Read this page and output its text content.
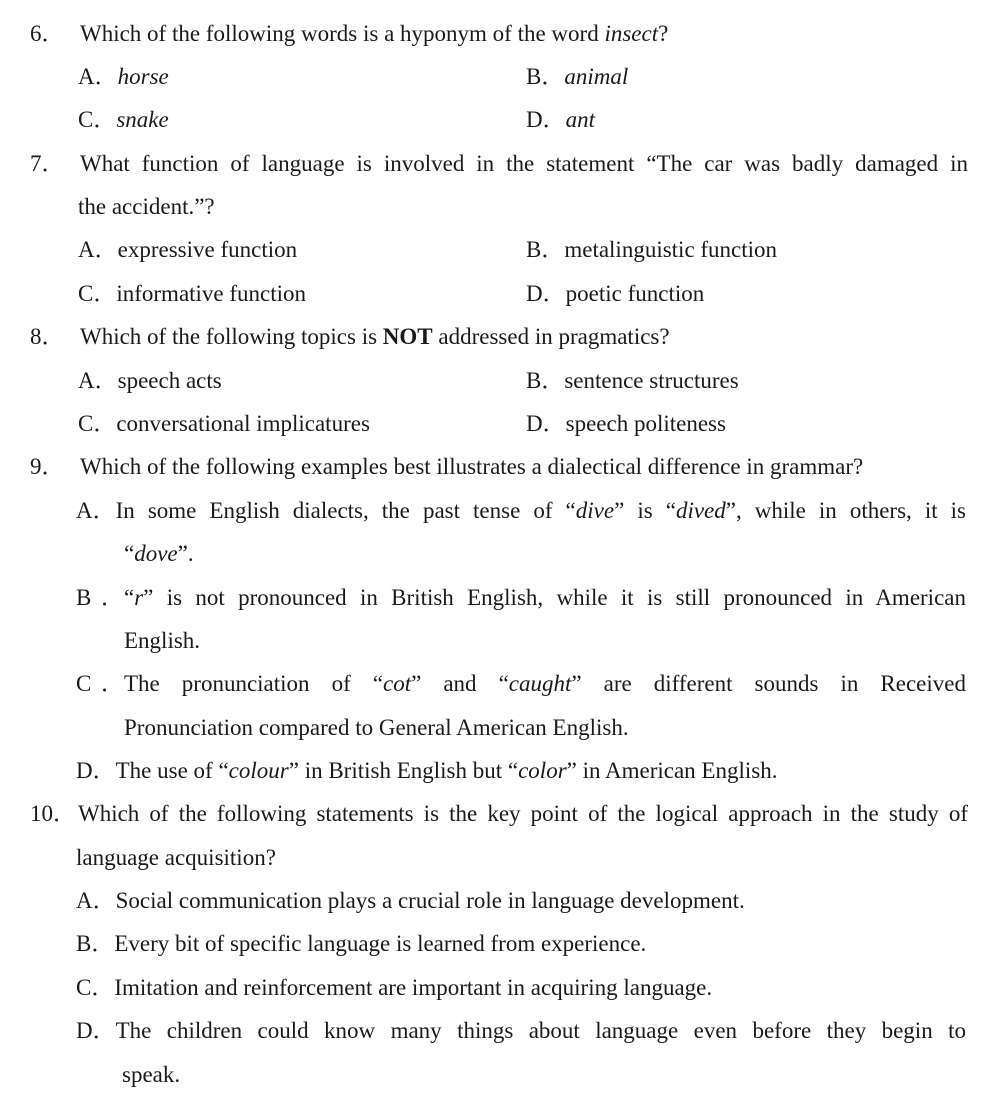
6． Which of the following words is a hyponym of the word insect?
A．horse	B．animal
C．snake	D．ant
7． What function of language is involved in the statement “The car was badly damaged in
the accident.”?
A．expressive function	B．metalinguistic function
C．informative function	D．poetic function
8． Which of the following topics is NOT addressed in pragmatics?
A．speech acts	B．sentence structures
C．conversational implicatures	D．speech politeness
9． Which of the following examples best illustrates a dialectical difference in grammar?
A．In some English dialects, the past tense of “dive” is “dived”, while in others, it is
“dove”.
B．“r” is not pronounced in British English, while it is still pronounced in American
English.
C．The pronunciation of “cot” and “caught” are different sounds in Received
Pronunciation compared to General American English.
D．The use of “colour” in British English but “color” in American English.
10． Which of the following statements is the key point of the logical approach in the study of
language acquisition?
A．Social communication plays a crucial role in language development.
B．Every bit of specific language is learned from experience.
C．Imitation and reinforcement are important in acquiring language.
D．The children could know many things about language even before they begin to
speak.
